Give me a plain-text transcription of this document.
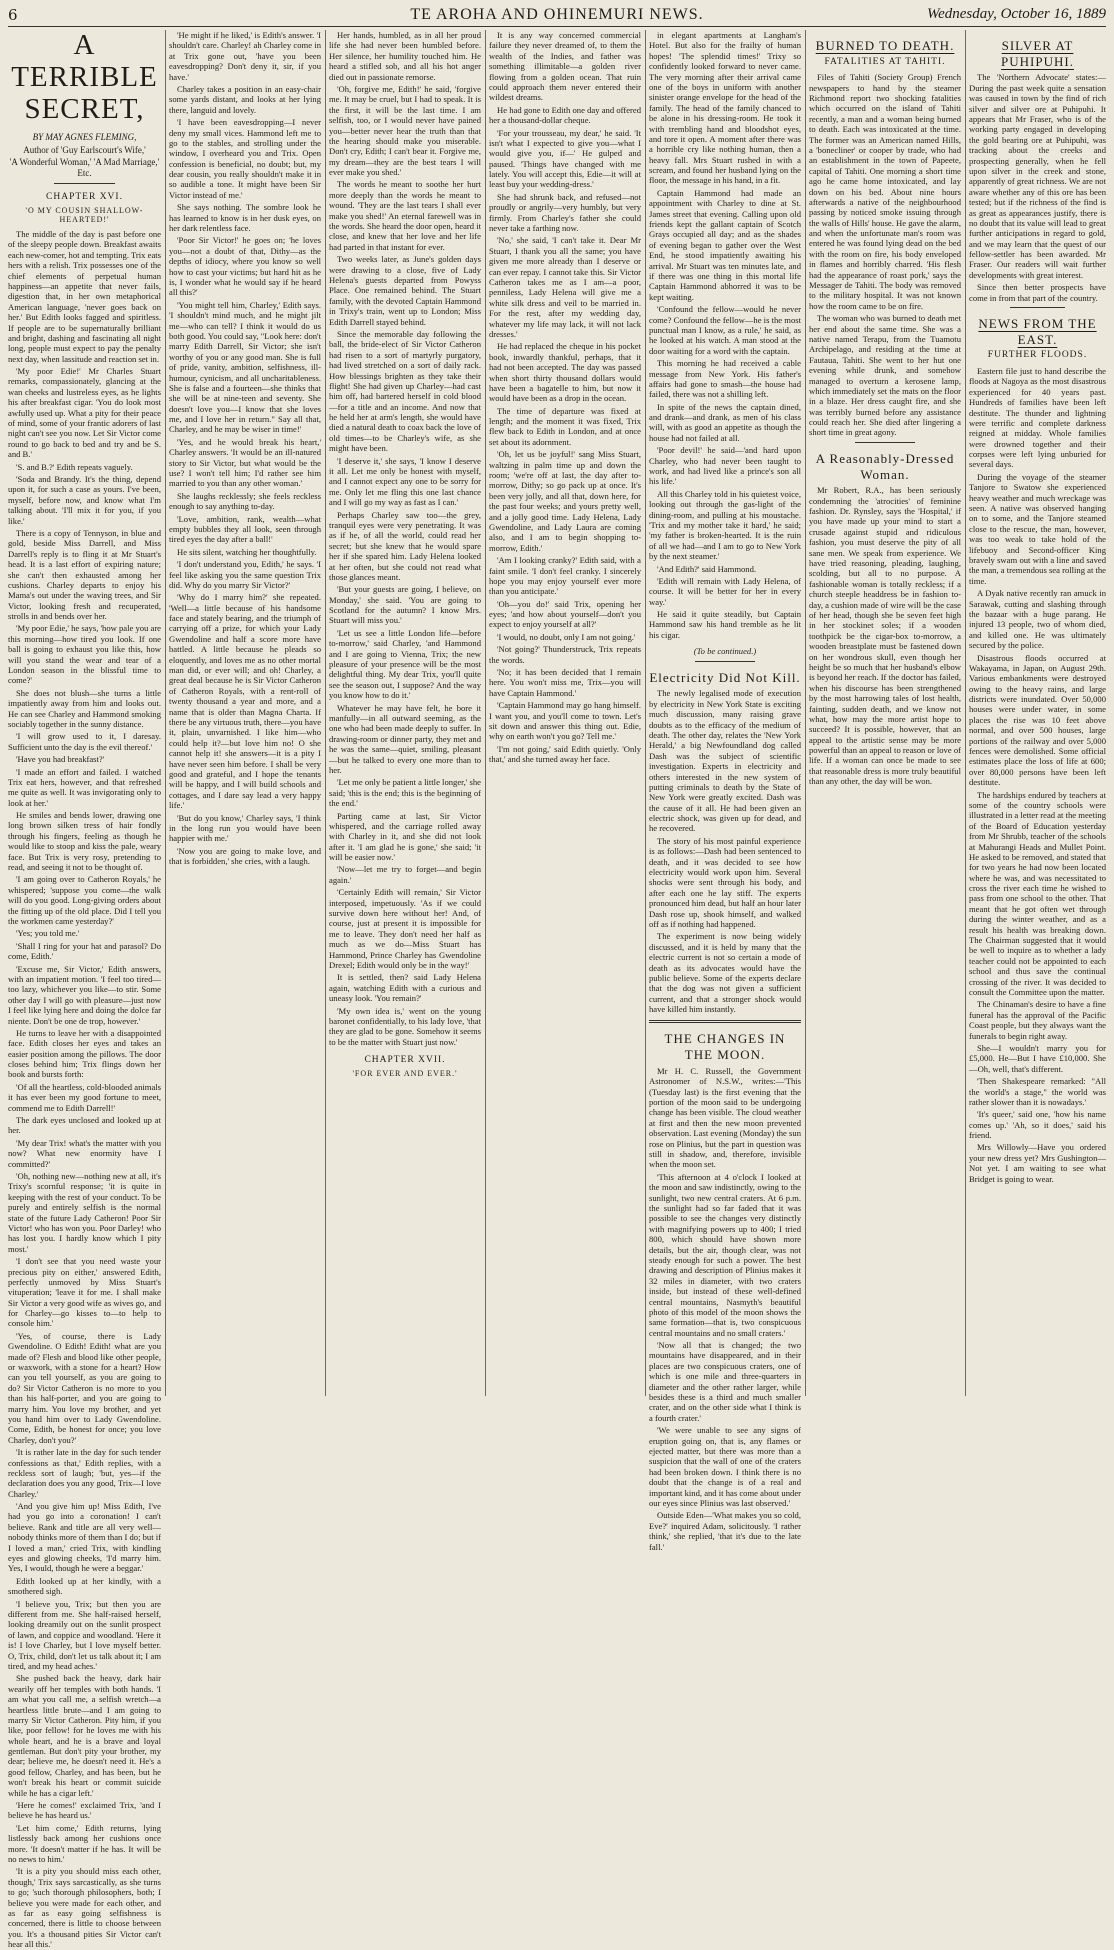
6	TE AROHA AND OHINEMURI NEWS.	Wednesday, October 16, 1889
A TERRIBLE SECRET,
BY MAY AGNES FLEMING,
Author of 'Guy Earlscourt's Wife,'
'A Wonderful Woman,' 'A Mad Marriage,' Etc.
CHAPTER XVI.
'O MY COUSIN SHALLOW-HEARTED!'

The middle of the day is past before one of the sleepy people down. Breakfast awaits each new-comer, hot and tempting. Trix eats hers with a relish. Trix possesses one of the chief elements of perpetual human happiness—an appetite that never fails, digestion that, in her own metaphorical American language, 'never goes back on her.' But Edith looks fagged and spiritless. If people are to be supernaturally brilliant and bright, dashing and fascinating all night long, people must expect to pay the penalty next day, when lassitude and reaction set in.

'My poor Edie!' Mr Charles Stuart remarks, compassionately, glancing at the wan cheeks and lustreless eyes, as he lights his after breakfast cigar. 'You do look most awfully used up. What a pity for their peace of mind, some of your frantic adorers of last night can't see you now. Let Sir Victor come round to go back to bed and try and be S. and B.'

'S. and B.?' Edith repeats vaguely.

'Soda and Brandy. It's the thing, depend upon it, for such a case as yours. I've been, myself, before now, and know what I'm talking about. 'I'll mix it for you, if you like.'

There is a copy of Tennyson, in blue and gold, beside Miss Darrell, and Miss Darrell's reply is to fling it at Mr Stuart's head. It is a last effort of expiring nature; she can't then exhausted among her cushions. Charley departs to enjoy his Mama's out under the waving trees, and Sir Victor, looking fresh and recuperated, strolls in and bends over her.

'My poor Edie,' he says, 'how pale you are this morning—how tired you look. If one ball is going to exhaust you like this, how will you stand the wear and tear of a London season in the blissful time to come?'

She does not blush—she turns a little impatiently away from him and looks out. He can see Charley and Hammond smoking sociably together in the sunny distance.

'I will grow used to it, I daresay. Sufficient unto the day is the evil thereof.'

'Have you had breakfast?'

'I made an effort and failed. I watched Trix eat hers, however, and that refreshed me quite as well. It was invigorating only to look at her.'

He smiles and bends lower, drawing one long brown silken tress of hair fondly through his fingers, feeling as though he would like to stoop and kiss the pale, weary face. But Trix is very rosy, pretending to read, and seeing it not to be thought of.

'I am going over to Catheron Royals,' he whispered; 'suppose you come—the walk will do you good. Long-giving orders about the fitting up of the old place. Did I tell you the workmen came yesterday?'

'Yes; you told me.'

'Shall I ring for your hat and parasol? Do come, Edith.'

'Excuse me, Sir Victor,' Edith answers, with an impatient motion. 'I feel too tired—too lazy, whichever you like—to stir. Some other day I will go with pleasure—just now I feel like lying here and doing the dolce far niente. Don't be one de trop, however.'

He turns to leave her with a disappointed face. Edith closes her eyes and takes an easier position among the pillows. The door closes behind him; Trix flings down her book and bursts forth:

'Of all the heartless, cold-blooded animals it has ever been my good fortune to meet, commend me to Edith Darrell!'

The dark eyes unclosed and looked up at her.

'My dear Trix! what's the matter with you now? What new enormity have I committed?'

'Oh, nothing new—nothing new at all, it's Trixy's scornful response; 'it is quite in keeping with the rest of your conduct. To be purely and entirely selfish is the normal state of the future Lady Catheron! Poor Sir Victor! who has won you. Poor Darley! who has lost you. I hardly know which I pity most.'

'I don't see that you need waste your precious pity on either,' answered Edith, perfectly unmoved by Miss Stuart's vituperation; 'leave it for me. I shall make Sir Victor a very good wife as wives go, and for Charley—go kisses to—to help to console him.'

'Yes, of course, there is Lady Gwendoline. O Edith! Edith! what are you made of? Flesh and blood like other people, or waxwork, with a stone for a heart? How can you tell yourself, as you are going to do? Sir Victor Catheron is no more to you than his half-porter, and you are going to marry him. You love my brother, and yet you hand him over to Lady Gwendoline. Come, Edith, be honest for once; you love Charley, don't you?'

'It is rather late in the day for such tender confessions as that,' Edith replies, with a reckless sort of laugh; 'but, yes—if the declaration does you any good, Trix—I love Charley.'

'And you give him up! Miss Edith, I've had you go into a coronation! I can't believe. Rank and title are all very well—nobody thinks more of them than I do; but if I loved a man,' cried Trix, with kindling eyes and glowing cheeks, 'I'd marry him. Yes, I would, though he were a beggar.'

Edith looked up at her kindly, with a smothered sigh.

'I believe you, Trix; but then you are different from me. She half-raised herself, looking dreamily out on the sunlit prospect of lawn, and coppice and woodland. 'Here it is! I love Charley, but I love myself better. O, Trix, child, don't let us talk about it; I am tired, and my head aches.'

She pushed back the heavy, dark hair wearily off her temples with both hands. 'I am what you call me, a selfish wretch—a heartless little brute—and I am going to marry Sir Victor Catheron. Pity him, if you like, poor fellow! for he loves me with his whole heart, and he is a brave and loyal gentleman. But don't pity your brother, my dear; believe me, he doesn't need it. He's a good fellow, Charley, and has been, but he won't break his heart or commit suicide while he has a cigar left.'

'Here he comes!' exclaimed Trix, 'and I believe he has heard us.'

'Let him come,' Edith returns, lying listlessly back among her cushions once more. 'It doesn't matter if he has. It will be no news to him.'

'It is a pity you should miss each other, though,' Trix says sarcastically, as she turns to go; 'such thorough philosophers, both; I believe you were made for each other, and as far as easy going selfishness is concerned, there is little to choose between you. It's a thousand pities Sir Victor can't hear all this.'

'He might if he liked,' is Edith's answer. 'I shouldn't care. Charley! ah Charley come in at Trix gone out, 'have you been eavesdropping? Don't deny it, sir, if you have.'

Charley takes a position in an easy-chair some yards distant, and looks at her lying there, languid and lovely.

'I have been eavesdropping—I never deny my small vices. Hammond left me to go to the stables, and strolling under the window, I overheard you and Trix. Open confession is beneficial, no doubt; but, my dear cousin, you really shouldn't make it in so audible a tone. It might have been Sir Victor instead of me.'

She says nothing. The sombre look he has learned to know is in her dusk eyes, on her dark relentless face.

'Poor Sir Victor!' he goes on; 'he loves you—not a doubt of that, Dithy—as the depths of idiocy, where you know so well how to cast your victims; but hard hit as he is, I wonder what he would say if he heard all this?'

'You might tell him, Charley,' Edith says. 'I shouldn't mind much, and he might jilt me—who can tell? I think it would do us both good. You could say, "Look here: don't marry Edith Darrell, Sir Victor; she isn't worthy of you or any good man. She is full of pride, vanity, ambition, selfishness, ill-humour, cynicism, and all uncharitableness. She is false and a fourteen—she thinks that she will be at nine-teen and seventy. She doesn't love you—I know that she loves me, and I love her in return." Say all that, Charley, and he may be wiser in time!'

'Yes, and he would break his heart,' Charley answers. 'It would be an ill-natured story to Sir Victor, but what would be the use? I won't tell him; I'd rather see him married to you than any other woman.'

She laughs recklessly; she feels reckless enough to say anything to-day.

'Love, ambition, rank, wealth—what empty bubbles they all look, seen through tired eyes the day after a ball!'

He sits silent, watching her thoughtfully.

'I don't understand you, Edith,' he says. 'I feel like asking you the same question Trix did. Why do you marry Sir Victor?'

'Why do I marry him?' she repeated. 'Well—a little because of his handsome face and stately bearing, and the triumph of carrying off a prize, for which your Lady Gwendoline and half a score more have battled. A little because he pleads so eloquently, and loves me as no other mortal man did, or ever will; and oh! Charley, a great deal because he is Sir Victor Catheron of Catheron Royals, with a rent-roll of twenty thousand a year and more, and a name that is older than Magna Charta. If there be any virtuous truth, there—you have it, plain, unvarnished. I like him—who could help it?—but love him no! O she cannot help it! she answers—it is a pity I have never seen him before. I shall be very good and grateful, and I hope the tenants will be happy, and I will build schools and cottages, and I dare say lead a very happy life.'

'But do you know,' Charley says, 'I think in the long run you would have been happier with me.'

'Now you are going to make love, and that is forbidden,' she cries, with a laugh.

Her hands, humbled, as in all her proud life she had never been humbled before. Her silence, her humility touched him. He heard a stifled sob, and all his hot anger died out in passionate remorse.

'Oh, forgive me, Edith!' he said, 'forgive me. It may be cruel, but I had to speak. It is the first, it will be the last time. I am selfish, too, or I would never have pained you—better never hear the truth than that the hearing should make you miserable. Don't cry, Edith; I can't bear it. Forgive me, my dream—they are the best tears I will ever make you shed.'

The words he meant to soothe her hurt more deeply than the words he meant to wound. 'They are the last tears I shall ever make you shed!' An eternal farewell was in the words. She heard the door open, heard it close, and knew that her love and her life had parted in that instant for ever.

Two weeks later, as June's golden days were drawing to a close, five of Lady Helena's guests departed from Powyss Place. One remained behind. The Stuart family, with the devoted Captain Hammond in Trixy's train, went up to London; Miss Edith Darrell stayed behind.

Since the memorable day following the ball, the bride-elect of Sir Victor Catheron had risen to a sort of martyrly purgatory, had lived stretched on a sort of daily rack. How blessings brighten as they take their flight! She had given up Charley—had cast him off, had bartered herself in cold blood—for a title and an income. And now that he held her at arm's length, she would have died a natural death to coax back the love of old times—to be Charley's wife, as she might have been.

'I deserve it,' she says, 'I know I deserve it all. Let me only be honest with myself, and I cannot expect any one to be sorry for me. Only let me fling this one last chance and I will go my way as fast as I can.'

Perhaps Charley saw too—the grey, tranquil eyes were very penetrating. It was as if he, of all the world, could read her secret; but she knew that he would spare her if she spared him. Lady Helena looked at her often, but she could not read what those glances meant.

'But your guests are going, I believe, on Monday,' she said. 'You are going to Scotland for the autumn? I know Mrs. Stuart will miss you.'

'Let us see a little London life—before to-morrow,' said Charley, 'and Hammond and I are going to Vienna, Trix; the new pleasure of your presence will be the most delightful thing. My dear Trix, you'll quite see the season out, I suppose? And the way you know how to do it.'

Whatever he may have felt, he bore it manfully—in all outward seeming, as the one who had been made deeply to suffer. In drawing-room or dinner party, they met and he was the same—quiet, smiling, pleasant—but he talked to every one more than to her.

'Let me only be patient a little longer,' she said; 'this is the end; this is the beginning of the end.'

Parting came at last, Sir Victor whispered, and the carriage rolled away with Charley in it, and she did not look after it. 'I am glad he is gone,' she said; 'it will be easier now.'

'Now—let me try to forget—and begin again.'

'Certainly Edith will remain,' Sir Victor interposed, impetuously. 'As if we could survive down here without her! And, of course, just at present it is impossible for me to leave. They don't need her half as much as we do—Miss Stuart has Hammond, Prince Charley has Gwendoline Drexel; Edith would only be in the way!'

It is settled, then? said Lady Helena again, watching Edith with a curious and uneasy look. 'You remain?'

'My own idea is,' went on the young baronet confidentially, to his lady love, 'that they are glad to be gone. Somehow it seems to be the matter with Stuart just now.'

CHAPTER XVII.
'FOR EVER AND EVER.'

It is any way concerned commercial failure they never dreamed of, to them the wealth of the Indies, and father was something illimitable—a golden river flowing from a golden ocean. That ruin could approach them never entered their wildest dreams.

He had gone to Edith one day and offered her a thousand-dollar cheque.

'For your trousseau, my dear,' he said. 'It isn't what I expected to give you—what I would give you, if—' He gulped and paused. 'Things have changed with me lately. You will accept this, Edie—it will at least buy your wedding-dress.'

She had shrunk back, and refused—not proudly or angrily—very humbly, but very firmly. From Charley's father she could never take a farthing now.

'No,' she said, 'I can't take it. Dear Mr Stuart, I thank you all the same; you have given me more already than I deserve or can ever repay. I cannot take this. Sir Victor Catheron takes me as I am—a poor, penniless, Lady Helena will give me a white silk dress and veil to be married in. For the rest, after my wedding day, whatever my life may lack, it will not lack dresses.'

He had replaced the cheque in his pocket book, inwardly thankful, perhaps, that it had not been accepted. The day was passed when short thirty thousand dollars would have been a bagatelle to him, but now it would have been as a drop in the ocean.

The time of departure was fixed at length; and the moment it was fixed, Trix flew back to Edith in London, and at once set about its adornment.

'Oh, let us be joyful!' sang Miss Stuart, waltzing in palm time up and down the room; 'we're off at last, the day after to-morrow, Dithy; so go pack up at once. It's been very jolly, and all that, down here, for the past four weeks; and yours pretty well, and a jolly good time. Lady Helena, Lady Gwendoline, and Lady Laura are coming also, and I am to begin shopping to-morrow, Edith.'

'Am I looking cranky?' Edith said, with a faint smile. 'I don't feel cranky. I sincerely hope you may enjoy yourself ever more than you anticipate.'

'Oh—you do!' said Trix, opening her eyes; 'and how about yourself—don't you expect to enjoy yourself at all?'

'I would, no doubt, only I am not going.'

'Not going?' Thunderstruck, Trix repeats the words.

'No; it has been decided that I remain here. You won't miss me, Trix—you will have Captain Hammond.'

'Captain Hammond may go hang himself. I want you, and you'll come to town. Let's sit down and answer this thing out. Edie, why on earth won't you go? Tell me.'

'I'm not going,' said Edith quietly. 'Only that,' and she turned away her face.

in elegant apartments at Langham's Hotel. But also for the frailty of human hopes! 'The splendid times!' Trixy so confidently looked forward to never came. The very morning after their arrival came one of the boys in uniform with another sinister orange envelope for the head of the family. The head of the family chanced to be alone in his dressing-room. He took it with trembling hand and bloodshot eyes, and tore it open. A moment after there was a horrible cry like nothing human, then a heavy fall. Mrs Stuart rushed in with a scream, and found her husband lying on the floor, the message in his hand, in a fit.

Captain Hammond had made an appointment with Charley to dine at St. James street that evening. Calling upon old friends kept the gallant captain of Scotch Grays occupied all day; and as the shades of evening began to gather over the West End, he stood impatiently awaiting his arrival. Mr Stuart was ten minutes late, and if there was one thing in this mortal life Captain Hammond abhorred it was to be kept waiting.

'Confound the fellow—would he never come? Confound the fellow—he is the most punctual man I know, as a rule,' he said, as he looked at his watch. A man stood at the door waiting for a word with the captain.

This morning he had received a cable message from New York. His father's affairs had gone to smash—the house had failed, there was not a shilling left.

In spite of the news the captain dined, and drank—and drank, as men of his class will, with as good an appetite as though the house had not failed at all.

'Poor devil!' he said—'and hard upon Charley, who had never been taught to work, and had lived like a prince's son all his life.'

All this Charley told in his quietest voice, looking out through the gas-light of the dining-room, and pulling at his moustache. 'Trix and my mother take it hard,' he said; 'my father is broken-hearted. It is the ruin of all we had—and I am to go to New York by the next steamer.'

'And Edith?' said Hammond.

'Edith will remain with Lady Helena, of course. It will be better for her in every way.'

He said it quite steadily, but Captain Hammond saw his hand tremble as he lit his cigar.

(To be continued.)
Electricity Did Not Kill.

The newly legalised mode of execution by electricity in New York State is exciting much discussion, many raising grave doubts as to the efficacy of the medium of death. The other day, relates the 'New York Herald,' a big Newfoundland dog called Dash was the subject of scientific investigation. Experts in electricity and others interested in the new system of putting criminals to death by the State of New York were greatly excited. Dash was the cause of it all. He had been given an electric shock, was given up for dead, and he recovered.

The story of his most painful experience is as follows:—Dash had been sentenced to death, and it was decided to see how electricity would work upon him. Several shocks were sent through his body, and after each one he lay stiff. The experts pronounced him dead, but half an hour later Dash rose up, shook himself, and walked off as if nothing had happened.

The experiment is now being widely discussed, and it is held by many that the electric current is not so certain a mode of death as its advocates would have the public believe. Some of the experts declare that the dog was not given a sufficient current, and that a stronger shock would have killed him instantly.

THE CHANGES IN THE MOON.

Mr H. C. Russell, the Government Astronomer of N.S.W., writes:—'This (Tuesday last) is the first evening that the portion of the moon said to be undergoing change has been visible. The cloud weather at first and then the new moon prevented observation. Last evening (Monday) the sun rose on Plinius, but the part in question was still in shadow, and, therefore, invisible when the moon set.

'This afternoon at 4 o'clock I looked at the moon and saw indistinctly, owing to the sunlight, two new central craters. At 6 p.m. the sunlight had so far faded that it was possible to see the changes very distinctly with magnifying powers up to 400; I tried 800, which should have shown more details, but the air, though clear, was not steady enough for such a power. The best drawing and description of Plinius makes it 32 miles in diameter, with two craters inside, but instead of these well-defined central mountains, Nasmyth's beautiful photo of this model of the moon shows the same formation—that is, two conspicuous central mountains and no small craters.'

'Now all that is changed; the two mountains have disappeared, and in their places are two conspicuous craters, one of which is one mile and three-quarters in diameter and the other rather larger, while besides these is a third and much smaller crater, and on the other side what I think is a fourth crater.'

'We were unable to see any signs of eruption going on, that is, any flames or ejected matter, but there was more than a suspicion that the wall of one of the craters had been broken down. I think there is no doubt that the change is of a real and important kind, and it has come about under our eyes since Plinius was last observed.'

Outside Eden—'What makes you so cold, Eve?' inquired Adam, solicitously. 'I rather think,' she replied, 'that it's due to the late fall.'

BURNED TO DEATH.
FATALITIES AT TAHITI.

Files of Tahiti (Society Group) French newspapers to hand by the steamer Richmond report two shocking fatalities which occurred on the island of Tahiti recently, a man and a woman being burned to death. Each was intoxicated at the time. The former was an American named Hills, a 'bonecliner' or cooper by trade, who had an establishment in the town of Papeete, capital of Tahiti. One morning a short time ago he came home intoxicated, and lay down on his bed. About nine hours afterwards a native of the neighbourhood passing by noticed smoke issuing through the walls of Hills' house. He gave the alarm, and when the unfortunate man's room was entered he was found lying dead on the bed with the room on fire, his body enveloped in flames and horribly charred. 'His flesh had the appearance of roast pork,' says the Messager de Tahiti. The body was removed to the military hospital. It was not known how the room came to be on fire.

The woman who was burned to death met her end about the same time. She was a native named Terapu, from the Tuamotu Archipelago, and residing at the time at Fautaua, Tahiti. She went to her hut one evening while drunk, and somehow managed to overturn a kerosene lamp, which immediately set the mats on the floor in a blaze. Her dress caught fire, and she was terribly burned before any assistance could reach her. She died after lingering a short time in great agony.

A Reasonably-Dressed Woman.

Mr Robert, R.A., has been seriously condemning the 'atrocities' of feminine fashion. Dr. Rynsley, says the 'Hospital,' if you have made up your mind to start a crusade against stupid and ridiculous fashion, you must deserve the pity of all sane men. We speak from experience. We have tried reasoning, pleading, laughing, scolding, but all to no purpose. A fashionable woman is totally reckless; if a church steeple headdress be in fashion to-day, a cushion made of wire will be the case of her head, though she be seven feet high in her stockinet soles; if a wooden toothpick be the cigar-box to-morrow, a wooden breastplate must be fastened down on her wondrous skull, even though her height be so much that her husband's elbow is beyond her reach. If the doctor has failed, when his discourse has been strengthened by the most harrowing tales of lost health, fainting, sudden death, and we know not what, how may the more artist hope to succeed? It is possible, however, that an appeal to the artistic sense may be more powerful than an appeal to reason or love of life. If a woman can once be made to see that reasonable dress is more truly beautiful than any other, the day will be won.

SILVER AT PUHIPUHI.

The 'Northern Advocate' states:—During the past week quite a sensation was caused in town by the find of rich silver and silver ore at Puhipuhi. It appears that Mr Fraser, who is of the working party engaged in developing the gold bearing ore at Puhipuhi, was tracking about the creeks and prospecting generally, when he fell upon silver in the creek and stone, apparently of great richness. We are not aware whether any of this ore has been tested; but if the richness of the find is as great as appearances justify, there is no doubt that its value will lead to great further anticipations in regard to gold, and we may learn that the quest of our fellow-settler has been awarded. Mr Fraser. Our readers will wait further developments with great interest.

Since then better prospects have come in from that part of the country.

NEWS FROM THE EAST.
FURTHER FLOODS.

Eastern file just to hand describe the floods at Nagoya as the most disastrous experienced for 40 years past. Hundreds of families have been left destitute. The thunder and lightning were terrific and complete darkness reigned at midday. Whole families were drowned together and their corpses were left lying unburied for several days.

During the voyage of the steamer Tanjore to Swatow she experienced heavy weather and much wreckage was seen. A native was observed hanging on to some, and the Tanjore steamed close to the rescue, the man, however, was too weak to take hold of the lifebuoy and Second-officer King bravely swam out with a line and saved the man, a tremendous sea rolling at the time.

A Dyak native recently ran amuck in Sarawak, cutting and slashing through the bazaar with a huge parang. He injured 13 people, two of whom died, and killed one. He was ultimately secured by the police.

Disastrous floods occurred at Wakayama, in Japan, on August 29th. Various embankments were destroyed owing to the heavy rains, and large districts were inundated. Over 50,000 houses were under water, in some places the rise was 10 feet above normal, and over 500 houses, large portions of the railway and over 5,000 fences were demolished. Some official estimates place the loss of life at 600; over 80,000 persons have been left destitute.

The hardships endured by teachers at some of the country schools were illustrated in a letter read at the meeting of the Board of Education yesterday from Mr Shrubb, teacher of the schools at Mahurangi Heads and Mullet Point. He asked to be removed, and stated that for two years he had now been located where he was, and was necessitated to cross the river each time he wished to pass from one school to the other. That meant that he got often wet through during the winter weather, and as a result his health was breaking down. The Chairman suggested that it would be well to inquire as to whether a lady teacher could not be appointed to each school and thus save the continual crossing of the river. It was decided to consult the Committee upon the matter.

The Chinaman's desire to have a fine funeral has the approval of the Pacific Coast people, but they always want the funerals to begin right away.

She—I wouldn't marry you for £5,000. He—But I have £10,000. She—Oh, well, that's different.

'Then Shakespeare remarked: "All the world's a stage," the world was rather slower than it is nowadays.'

'It's queer,' said one, 'how his name comes up.' 'Ah, so it does,' said his friend.

Mrs Willowly—Have you ordered your new dress yet? Mrs Gushington—Not yet. I am waiting to see what Bridget is going to wear.
